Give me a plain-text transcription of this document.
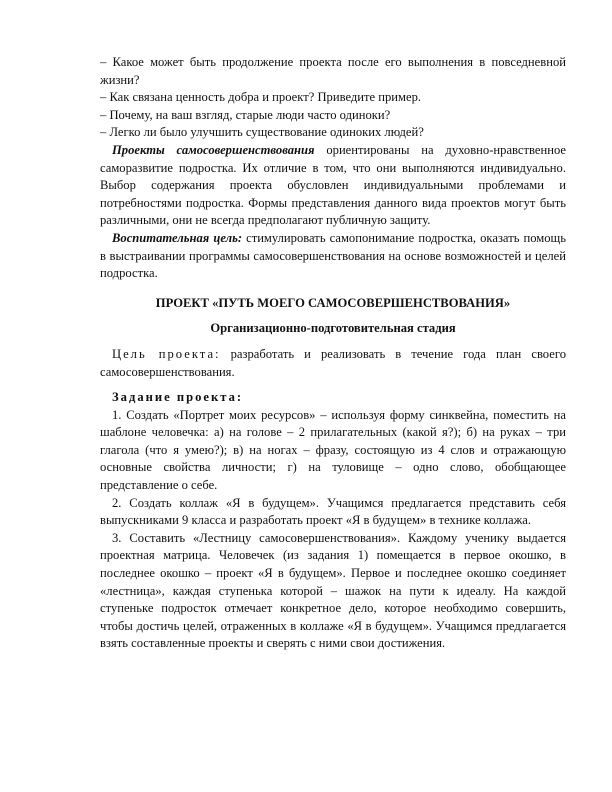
– Какое может быть продолжение проекта после его выполнения в повседневной жизни?

– Как связана ценность добра и проект? Приведите пример.

– Почему, на ваш взгляд, старые люди часто одиноки?

– Легко ли было улучшить существование одиноких людей?

Проекты самосовершенствования ориентированы на духовно-нравственное саморазвитие подростка. Их отличие в том, что они выполняются индивидуально. Выбор содержания проекта обусловлен индивидуальными проблемами и потребностями подростка. Формы представления данного вида проектов могут быть различными, они не всегда предполагают публичную защиту.

Воспитательная цель: стимулировать самопонимание подростка, оказать помощь в выстраивании программы самосовершенствования на основе возможностей и целей подростка.

ПРОЕКТ «ПУТЬ МОЕГО САМОСОВЕРШЕНСТВОВАНИЯ»

Организационно-подготовительная стадия

Цель проекта: разработать и реализовать в течение года план своего самосовершенствования.

Задание проекта:

1. Создать «Портрет моих ресурсов» – используя форму синквейна, поместить на шаблоне человечка: а) на голове – 2 прилагательных (какой я?); б) на руках – три глагола (что я умею?); в) на ногах – фразу, состоящую из 4 слов и отражающую основные свойства личности; г) на туловище – одно слово, обобщающее представление о себе.

2. Создать коллаж «Я в будущем». Учащимся предлагается представить себя выпускниками 9 класса и разработать проект «Я в будущем» в технике коллажа.

3. Составить «Лестницу самосовершенствования». Каждому ученику выдается проектная матрица. Человечек (из задания 1) помещается в первое окошко, в последнее окошко – проект «Я в будущем». Первое и последнее окошко соединяет «лестница», каждая ступенька которой – шажок на пути к идеалу. На каждой ступеньке подросток отмечает конкретное дело, которое необходимо совершить, чтобы достичь целей, отраженных в коллаже «Я в будущем». Учащимся предлагается взять составленные проекты и сверять с ними свои достижения.
